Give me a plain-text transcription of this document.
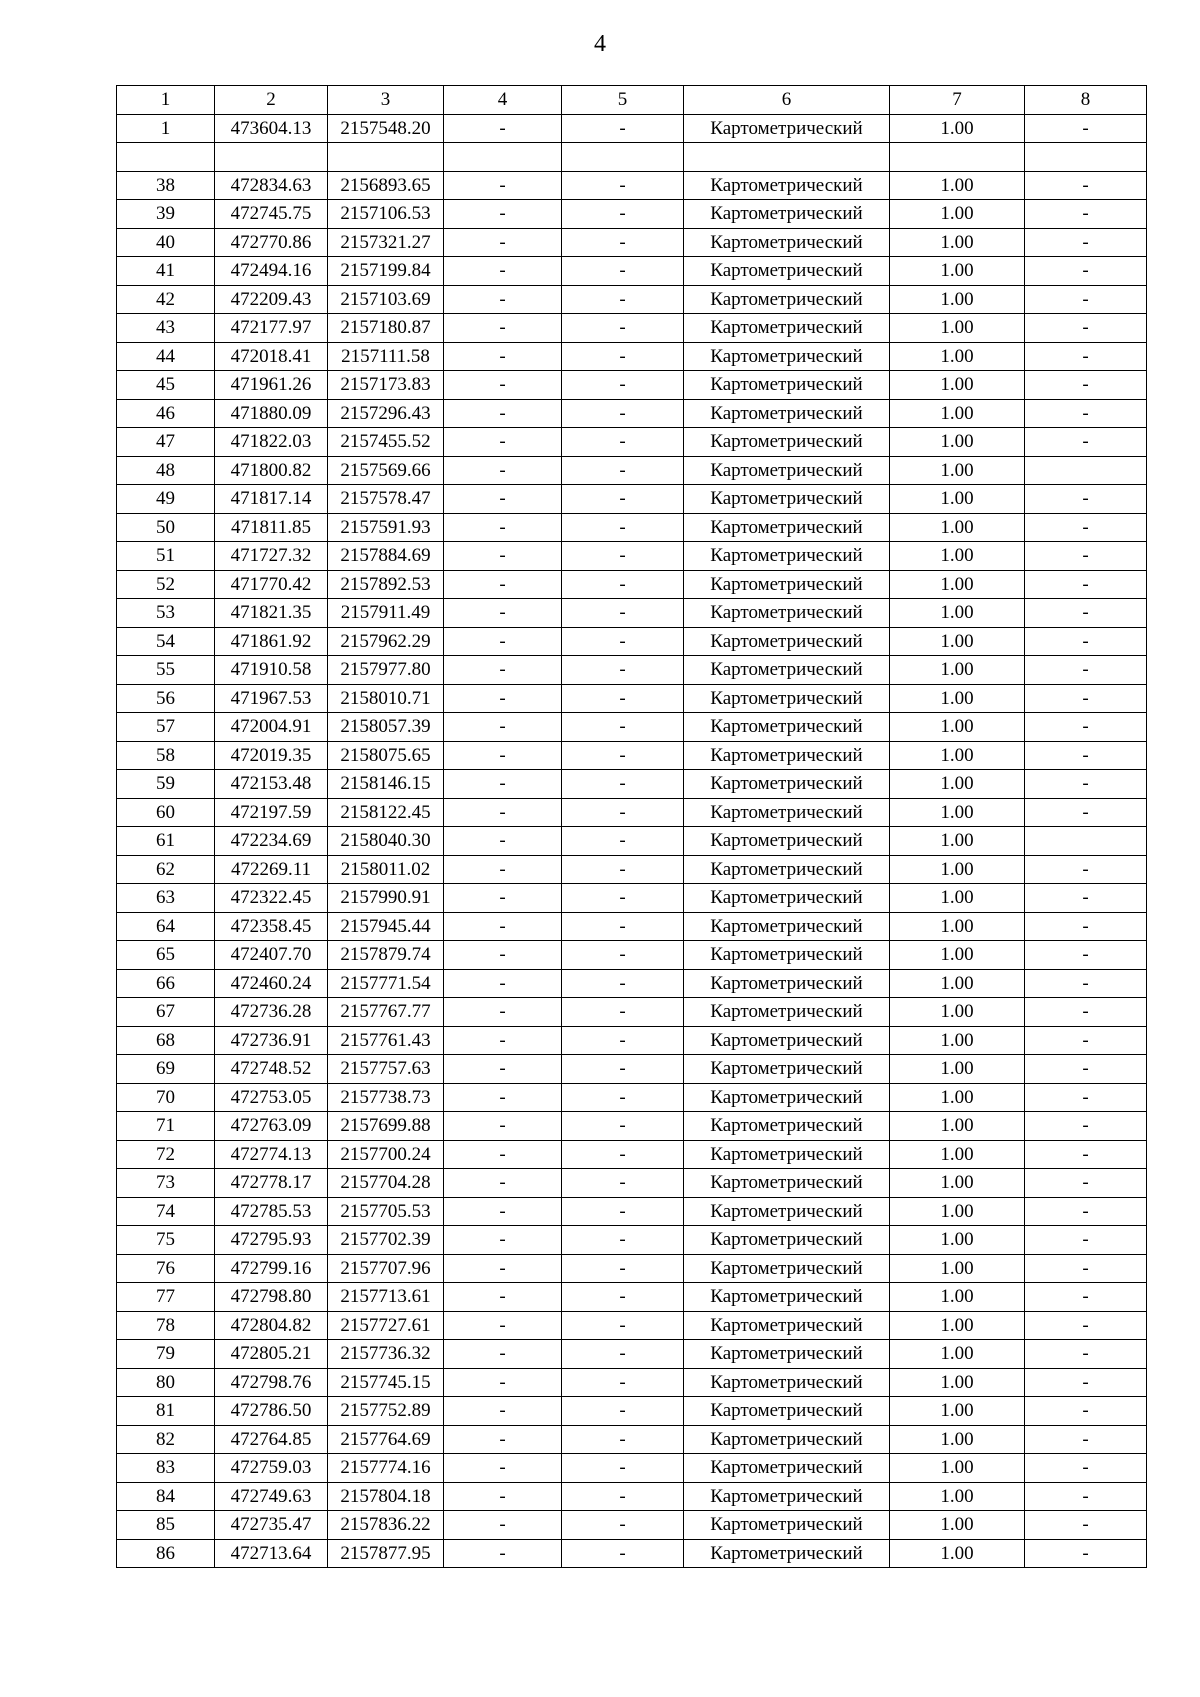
4
1	2	3	4	5	6	7	8
1	473604.13	2157548.20	-	-	Картометрический	1.00	-

38	472834.63	2156893.65	-	-	Картометрический	1.00	-
39	472745.75	2157106.53	-	-	Картометрический	1.00	-
40	472770.86	2157321.27	-	-	Картометрический	1.00	-
41	472494.16	2157199.84	-	-	Картометрический	1.00	-
42	472209.43	2157103.69	-	-	Картометрический	1.00	-
43	472177.97	2157180.87	-	-	Картометрический	1.00	-
44	472018.41	2157111.58	-	-	Картометрический	1.00	-
45	471961.26	2157173.83	-	-	Картометрический	1.00	-
46	471880.09	2157296.43	-	-	Картометрический	1.00	-
47	471822.03	2157455.52	-	-	Картометрический	1.00	-
48	471800.82	2157569.66	-	-	Картометрический	1.00	
49	471817.14	2157578.47	-	-	Картометрический	1.00	-
50	471811.85	2157591.93	-	-	Картометрический	1.00	-
51	471727.32	2157884.69	-	-	Картометрический	1.00	-
52	471770.42	2157892.53	-	-	Картометрический	1.00	-
53	471821.35	2157911.49	-	-	Картометрический	1.00	-
54	471861.92	2157962.29	-	-	Картометрический	1.00	-
55	471910.58	2157977.80	-	-	Картометрический	1.00	-
56	471967.53	2158010.71	-	-	Картометрический	1.00	-
57	472004.91	2158057.39	-	-	Картометрический	1.00	-
58	472019.35	2158075.65	-	-	Картометрический	1.00	-
59	472153.48	2158146.15	-	-	Картометрический	1.00	-
60	472197.59	2158122.45	-	-	Картометрический	1.00	-
61	472234.69	2158040.30	-	-	Картометрический	1.00	
62	472269.11	2158011.02	-	-	Картометрический	1.00	-
63	472322.45	2157990.91	-	-	Картометрический	1.00	-
64	472358.45	2157945.44	-	-	Картометрический	1.00	-
65	472407.70	2157879.74	-	-	Картометрический	1.00	-
66	472460.24	2157771.54	-	-	Картометрический	1.00	-
67	472736.28	2157767.77	-	-	Картометрический	1.00	-
68	472736.91	2157761.43	-	-	Картометрический	1.00	-
69	472748.52	2157757.63	-	-	Картометрический	1.00	-
70	472753.05	2157738.73	-	-	Картометрический	1.00	-
71	472763.09	2157699.88	-	-	Картометрический	1.00	-
72	472774.13	2157700.24	-	-	Картометрический	1.00	-
73	472778.17	2157704.28	-	-	Картометрический	1.00	-
74	472785.53	2157705.53	-	-	Картометрический	1.00	-
75	472795.93	2157702.39	-	-	Картометрический	1.00	-
76	472799.16	2157707.96	-	-	Картометрический	1.00	-
77	472798.80	2157713.61	-	-	Картометрический	1.00	-
78	472804.82	2157727.61	-	-	Картометрический	1.00	-
79	472805.21	2157736.32	-	-	Картометрический	1.00	-
80	472798.76	2157745.15	-	-	Картометрический	1.00	-
81	472786.50	2157752.89	-	-	Картометрический	1.00	-
82	472764.85	2157764.69	-	-	Картометрический	1.00	-
83	472759.03	2157774.16	-	-	Картометрический	1.00	-
84	472749.63	2157804.18	-	-	Картометрический	1.00	-
85	472735.47	2157836.22	-	-	Картометрический	1.00	-
86	472713.64	2157877.95	-	-	Картометрический	1.00	-
